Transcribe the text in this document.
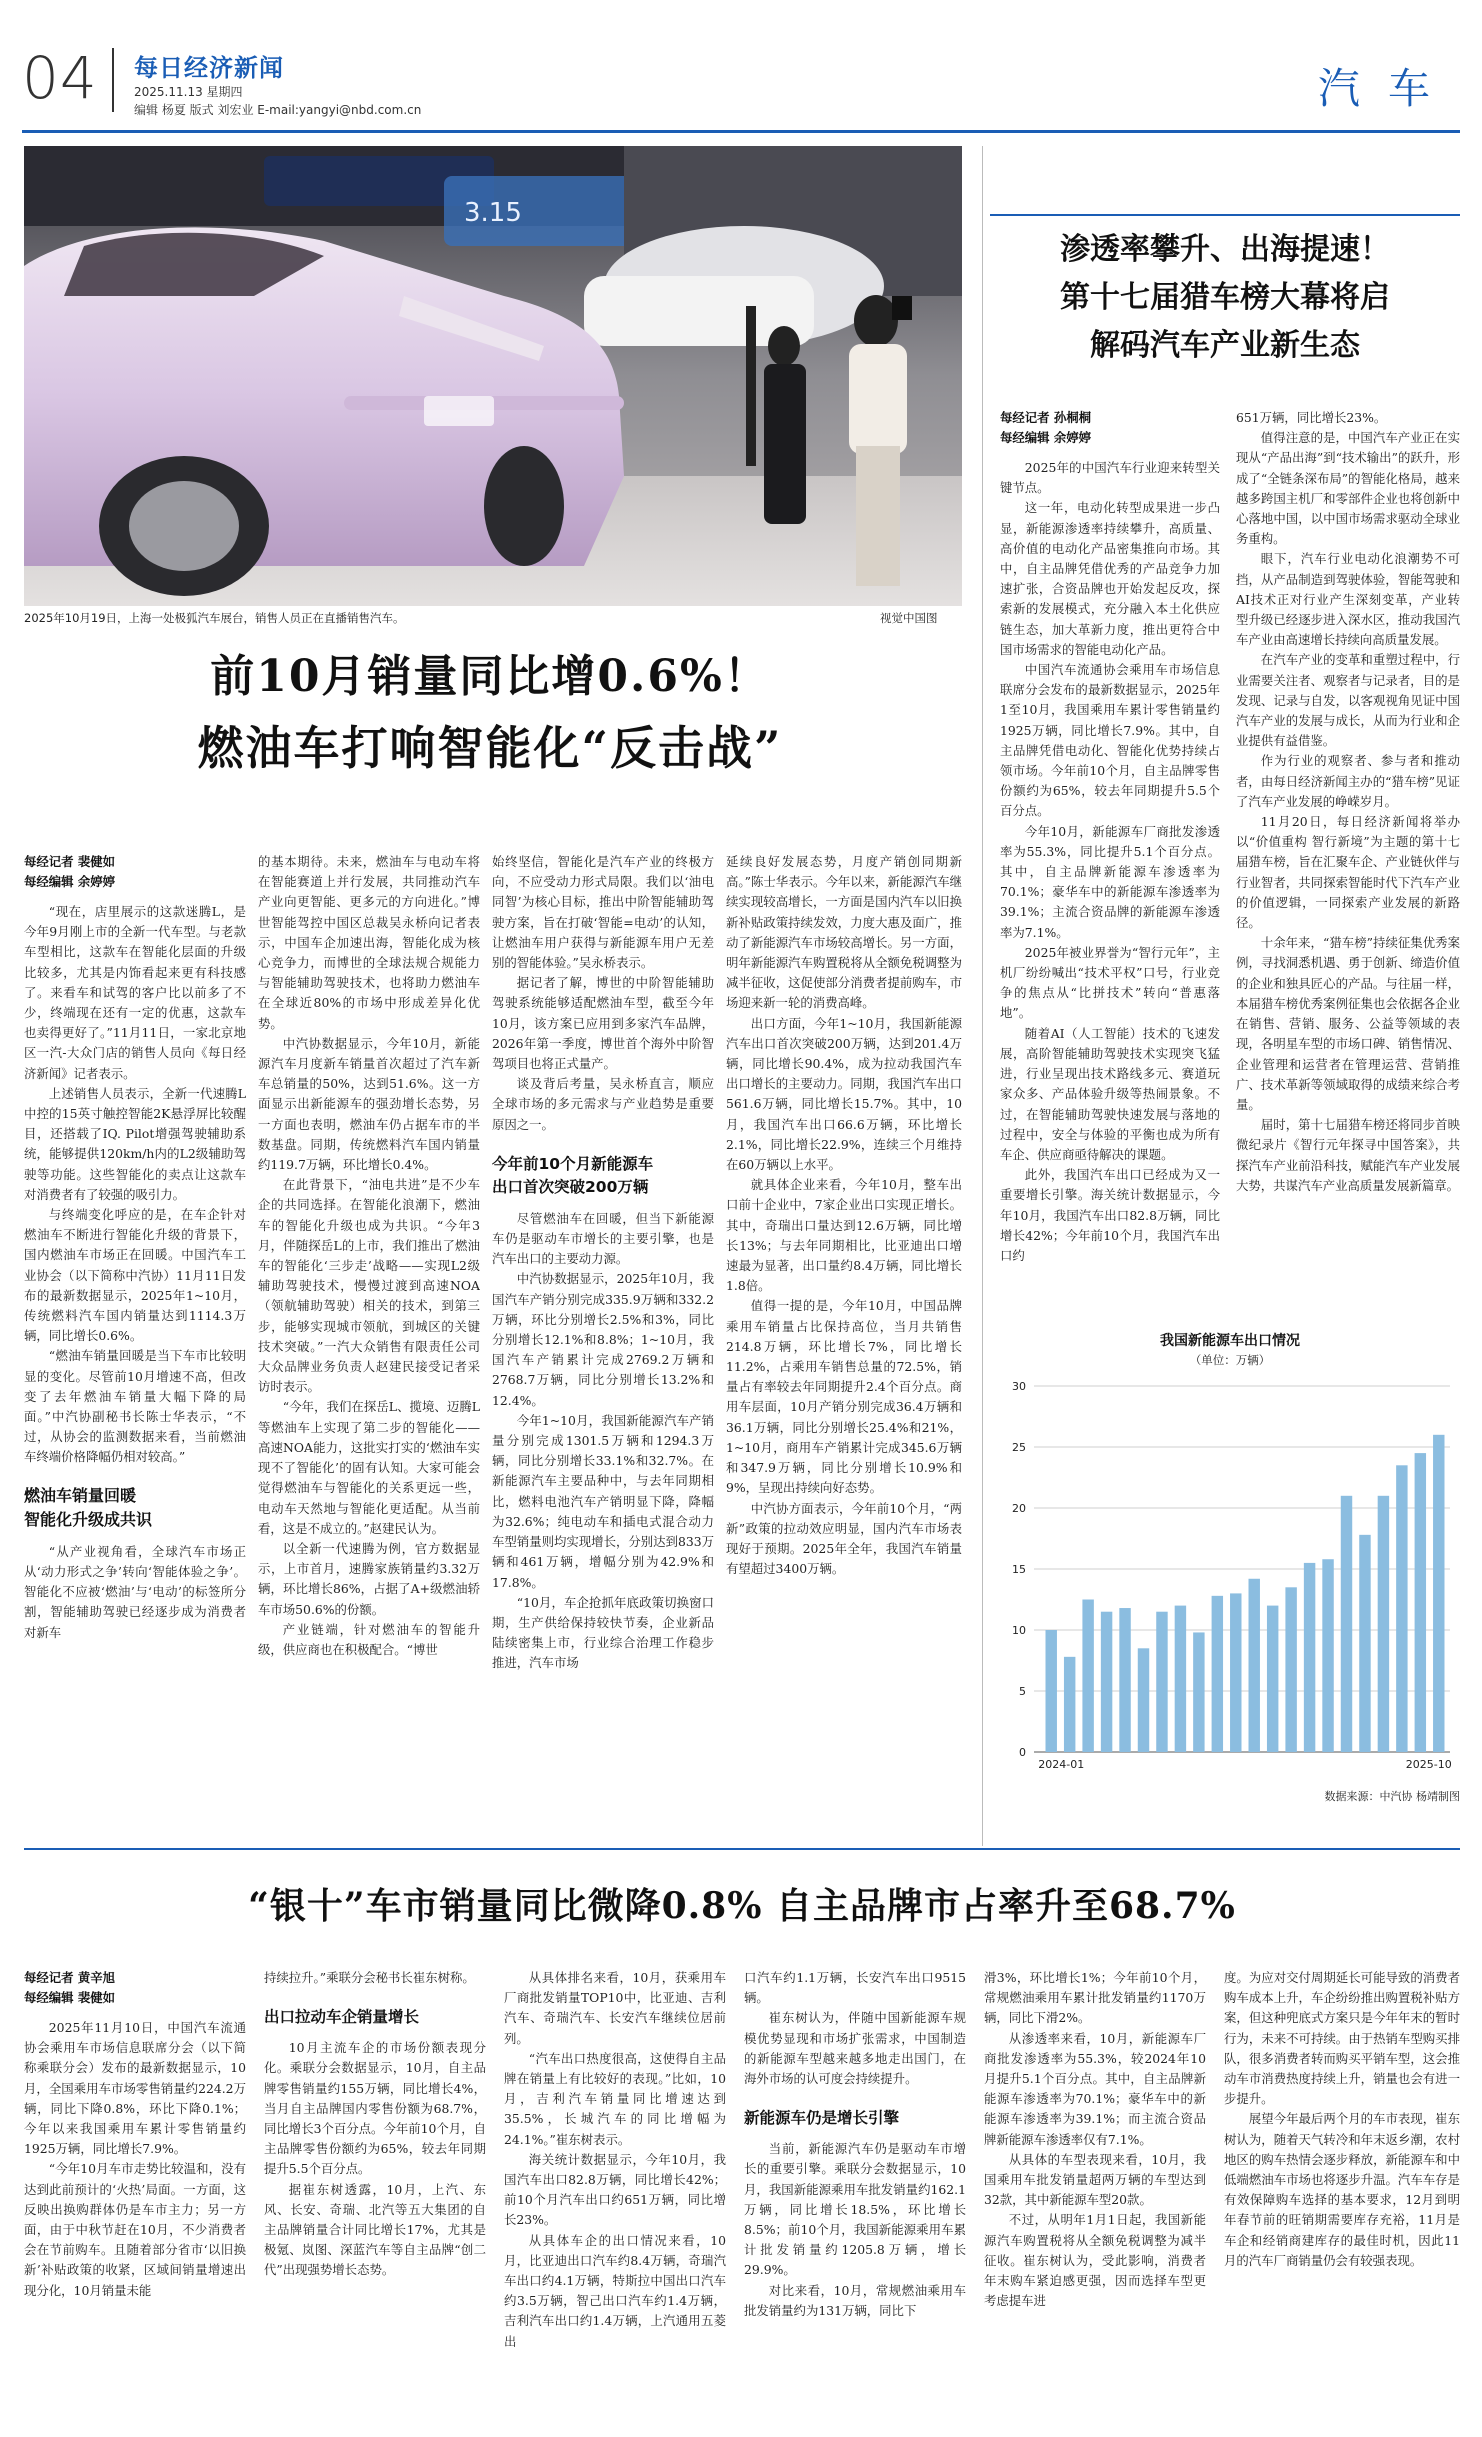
04 每日经济新闻
2025.11.13 星期四
编辑 杨夏 版式 刘宏业 E-mail:yangyi@nbd.com.cn	汽车
3.15
2025年10月19日，上海一处极狐汽车展台，销售人员正在直播销售汽车。	视觉中国图
前10月销量同比增0.6%！
燃油车打响智能化“反击战”
每经记者 裴健如
每经编辑 余婷婷

“现在，店里展示的这款迷腾L，是今年9月刚上市的全新一代车型。与老款车型相比，这款车在智能化层面的升级比较多，尤其是内饰看起来更有科技感了。来看车和试驾的客户比以前多了不少，终端现在还有一定的优惠，这款车也卖得更好了。”11月11日，一家北京地区一汽-大众门店的销售人员向《每日经济新闻》记者表示。

上述销售人员表示，全新一代速腾L中控的15英寸触控智能2K悬浮屏比较醒目，还搭载了IQ. Pilot增强驾驶辅助系统，能够提供120km/h内的L2级辅助驾驶等功能。这些智能化的卖点让这款车对消费者有了较强的吸引力。

与终端变化呼应的是，在车企针对燃油车不断进行智能化升级的背景下，国内燃油车市场正在回暖。中国汽车工业协会（以下简称中汽协）11月11日发布的最新数据显示，2025年1~10月，传统燃料汽车国内销量达到1114.3万辆，同比增长0.6%。

“燃油车销量回暖是当下车市比较明显的变化。尽管前10月增速不高，但改变了去年燃油车销量大幅下降的局面。”中汽协副秘书长陈士华表示，“不过，从协会的监测数据来看，当前燃油车终端价格降幅仍相对较高。”

燃油车销量回暖
智能化升级成共识

“从产业视角看，全球汽车市场正从‘动力形式之争’转向‘智能体验之争’。智能化不应被‘燃油’与‘电动’的标签所分割，智能辅助驾驶已经逐步成为消费者对新车

的基本期待。未来，燃油车与电动车将在智能赛道上并行发展，共同推动汽车产业向更智能、更多元的方向进化。”博世智能驾控中国区总裁吴永桥向记者表示，中国车企加速出海，智能化成为核心竞争力，而博世的全球法规合规能力与智能辅助驾驶技术，也将助力燃油车在全球近80%的市场中形成差异化优势。

中汽协数据显示，今年10月，新能源汽车月度新车销量首次超过了汽车新车总销量的50%，达到51.6%。这一方面显示出新能源车的强劲增长态势，另一方面也表明，燃油车仍占据车市的半数基盘。同期，传统燃料汽车国内销量约119.7万辆，环比增长0.4%。

在此背景下，“油电共进”是不少车企的共同选择。在智能化浪潮下，燃油车的智能化升级也成为共识。“今年3月，伴随探岳L的上市，我们推出了燃油车的智能化‘三步走’战略——实现L2级辅助驾驶技术，慢慢过渡到高速NOA（领航辅助驾驶）相关的技术，到第三步，能够实现城市领航，到城区的关键技术突破。”一汽大众销售有限责任公司大众品牌业务负责人赵建民接受记者采访时表示。

“今年，我们在探岳L、揽境、迈腾L等燃油车上实现了第二步的智能化——高速NOA能力，这批实打实的‘燃油车实现不了智能化’的固有认知。大家可能会觉得燃油车与智能化的关系更远一些，电动车天然地与智能化更适配。从当前看，这是不成立的。”赵建民认为。

以全新一代速腾为例，官方数据显示，上市首月，速腾家族销量约3.32万辆，环比增长86%，占据了A+级燃油轿车市场50.6%的份额。

产业链端，针对燃油车的智能升级，供应商也在积极配合。“博世

始终坚信，智能化是汽车产业的终极方向，不应受动力形式局限。我们以‘油电同智’为核心目标，推出中阶智能辅助驾驶方案，旨在打破‘智能=电动’的认知，让燃油车用户获得与新能源车用户无差别的智能体验。”吴永桥表示。

据记者了解，博世的中阶智能辅助驾驶系统能够适配燃油车型，截至今年10月，该方案已应用到多家汽车品牌，2026年第一季度，博世首个海外中阶智驾项目也将正式量产。

谈及背后考量，吴永桥直言，顺应全球市场的多元需求与产业趋势是重要原因之一。

今年前10个月新能源车
出口首次突破200万辆

尽管燃油车在回暖，但当下新能源车仍是驱动车市增长的主要引擎，也是汽车出口的主要动力源。

中汽协数据显示，2025年10月，我国汽车产销分别完成335.9万辆和332.2万辆，环比分别增长2.5%和3%，同比分别增长12.1%和8.8%；1~10月，我国汽车产销累计完成2769.2万辆和2768.7万辆，同比分别增长13.2%和12.4%。

今年1~10月，我国新能源汽车产销量分别完成1301.5万辆和1294.3万辆，同比分别增长33.1%和32.7%。在新能源汽车主要品种中，与去年同期相比，燃料电池汽车产销明显下降，降幅为32.6%；纯电动车和插电式混合动力车型销量则均实现增长，分别达到833万辆和461万辆，增幅分别为42.9%和17.8%。

“10月，车企抢抓年底政策切换窗口期，生产供给保持较快节奏，企业新品陆续密集上市，行业综合治理工作稳步推进，汽车市场

延续良好发展态势，月度产销创同期新高。”陈士华表示。今年以来，新能源汽车继续实现较高增长，一方面是国内汽车以旧换新补贴政策持续发效，力度大惠及面广，推动了新能源汽车市场较高增长。另一方面，明年新能源汽车购置税将从全额免税调整为减半征收，这促使部分消费者提前购车，市场迎来新一轮的消费高峰。

出口方面，今年1~10月，我国新能源汽车出口首次突破200万辆，达到201.4万辆，同比增长90.4%，成为拉动我国汽车出口增长的主要动力。同期，我国汽车出口561.6万辆，同比增长15.7%。其中，10月，我国汽车出口66.6万辆，环比增长2.1%，同比增长22.9%，连续三个月维持在60万辆以上水平。

就具体企业来看，今年10月，整车出口前十企业中，7家企业出口实现正增长。其中，奇瑞出口量达到12.6万辆，同比增长13%；与去年同期相比，比亚迪出口增速最为显著，出口量约8.4万辆，同比增长1.8倍。

值得一提的是，今年10月，中国品牌乘用车销量占比保持高位，当月共销售214.8万辆，环比增长7%，同比增长11.2%，占乘用车销售总量的72.5%，销量占有率较去年同期提升2.4个百分点。商用车层面，10月产销分别完成36.4万辆和36.1万辆，同比分别增长25.4%和21%，1~10月，商用车产销累计完成345.6万辆和347.9万辆，同比分别增长10.9%和9%，呈现出持续向好态势。

中汽协方面表示，今年前10个月，“两新”政策的拉动效应明显，国内汽车市场表现好于预期。2025年全年，我国汽车销量有望超过3400万辆。

渗透率攀升、出海提速！
第十七届猎车榜大幕将启
解码汽车产业新生态
每经记者 孙桐桐
每经编辑 余婷婷

2025年的中国汽车行业迎来转型关键节点。

这一年，电动化转型成果进一步凸显，新能源渗透率持续攀升，高质量、高价值的电动化产品密集推向市场。其中，自主品牌凭借优秀的产品竞争力加速扩张，合资品牌也开始发起反攻，探索新的发展模式，充分融入本土化供应链生态，加大革新力度，推出更符合中国市场需求的智能电动化产品。

中国汽车流通协会乘用车市场信息联席分会发布的最新数据显示，2025年1至10月，我国乘用车累计零售销量约1925万辆，同比增长7.9%。其中，自主品牌凭借电动化、智能化优势持续占领市场。今年前10个月，自主品牌零售份额约为65%，较去年同期提升5.5个百分点。

今年10月，新能源车厂商批发渗透率为55.3%，同比提升5.1个百分点。其中，自主品牌新能源车渗透率为70.1%；豪华车中的新能源车渗透率为39.1%；主流合资品牌的新能源车渗透率为7.1%。

2025年被业界誉为“智行元年”，主机厂纷纷喊出“技术平权”口号，行业竞争的焦点从“比拼技术”转向“普惠落地”。

随着AI（人工智能）技术的飞速发展，高阶智能辅助驾驶技术实现突飞猛进，行业呈现出技术路线多元、赛道玩家众多、产品体验升级等热闹景象。不过，在智能辅助驾驶快速发展与落地的过程中，安全与体验的平衡也成为所有车企、供应商亟待解决的课题。

此外，我国汽车出口已经成为又一重要增长引擎。海关统计数据显示，今年10月，我国汽车出口82.8万辆，同比增长42%；今年前10个月，我国汽车出口约

651万辆，同比增长23%。

值得注意的是，中国汽车产业正在实现从“产品出海”到“技术输出”的跃升，形成了“全链条深布局”的智能化格局，越来越多跨国主机厂和零部件企业也将创新中心落地中国，以中国市场需求驱动全球业务重构。

眼下，汽车行业电动化浪潮势不可挡，从产品制造到驾驶体验，智能驾驶和AI技术正对行业产生深刻变革，产业转型升级已经逐步进入深水区，推动我国汽车产业由高速增长持续向高质量发展。

在汽车产业的变革和重塑过程中，行业需要关注者、观察者与记录者，目的是发现、记录与自发，以客观视角见证中国汽车产业的发展与成长，从而为行业和企业提供有益借鉴。

作为行业的观察者、参与者和推动者，由每日经济新闻主办的“猎车榜”见证了汽车产业发展的峥嵘岁月。

11月20日，每日经济新闻将举办以“价值重构 智行新境”为主题的第十七届猎车榜，旨在汇聚车企、产业链伙伴与行业智者，共同探索智能时代下汽车产业的价值逻辑，一同探索产业发展的新路径。

十余年来，“猎车榜”持续征集优秀案例，寻找洞悉机遇、勇于创新、缔造价值的企业和独具匠心的产品。与往届一样，本届猎车榜优秀案例征集也会依据各企业在销售、营销、服务、公益等领域的表现，各明星车型的市场口碑、销售情况、企业管理和运营者在管理运营、营销推广、技术革新等领域取得的成绩来综合考量。

届时，第十七届猎车榜还将同步首映微纪录片《智行元年探寻中国答案》，共探汽车产业前沿科技，赋能汽车产业发展大势，共谋汽车产业高质量发展新篇章。

我国新能源车出口情况
（单位：万辆）
0
5
10
15
20
25
30
2024-01	2025-10
数据来源：中汽协 杨靖制图
“银十”车市销量同比微降0.8% 自主品牌市占率升至68.7%
每经记者 黄辛旭
每经编辑 裴健如

2025年11月10日，中国汽车流通协会乘用车市场信息联席分会（以下简称乘联分会）发布的最新数据显示，10月，全国乘用车市场零售销量约224.2万辆，同比下降0.8%，环比下降0.1%；今年以来我国乘用车累计零售销量约1925万辆，同比增长7.9%。

“今年10月车市走势比较温和，没有达到此前预计的‘火热’局面。一方面，这反映出换购群体仍是车市主力；另一方面，由于中秋节赶在10月，不少消费者会在节前购车。且随着部分省市‘以旧换新’补贴政策的收紧，区域间销量增速出现分化，10月销量未能

持续拉升。”乘联分会秘书长崔东树称。

出口拉动车企销量增长

10月主流车企的市场份额表现分化。乘联分会数据显示，10月，自主品牌零售销量约155万辆，同比增长4%，当月自主品牌国内零售份额为68.7%，同比增长3个百分点。今年前10个月，自主品牌零售份额约为65%，较去年同期提升5.5个百分点。

据崔东树透露，10月，上汽、东风、长安、奇瑞、北汽等五大集团的自主品牌销量合计同比增长17%，尤其是极氪、岚图、深蓝汽车等自主品牌“创二代”出现强势增长态势。

从具体排名来看，10月，获乘用车厂商批发销量TOP10中，比亚迪、吉利汽车、奇瑞汽车、长安汽车继续位居前列。

“汽车出口热度很高，这使得自主品牌在销量上有比较好的表现。”比如，10月，吉利汽车销量同比增速达到35.5%，长城汽车的同比增幅为24.1%。”崔东树表示。

海关统计数据显示，今年10月，我国汽车出口82.8万辆，同比增长42%；前10个月汽车出口约651万辆，同比增长23%。

从具体车企的出口情况来看，10月，比亚迪出口汽车约8.4万辆，奇瑞汽车出口约4.1万辆，特斯拉中国出口汽车约3.5万辆，智己出口汽车约1.4万辆，吉利汽车出口约1.4万辆，上汽通用五菱出

口汽车约1.1万辆，长安汽车出口9515辆。

崔东树认为，伴随中国新能源车规模优势显现和市场扩张需求，中国制造的新能源车型越来越多地走出国门，在海外市场的认可度会持续提升。

新能源车仍是增长引擎

当前，新能源汽车仍是驱动车市增长的重要引擎。乘联分会数据显示，10月，我国新能源乘用车批发销量约162.1万辆，同比增长18.5%，环比增长8.5%；前10个月，我国新能源乘用车累计批发销量约1205.8万辆，增长29.9%。

对比来看，10月，常规燃油乘用车批发销量约为131万辆，同比下

滑3%，环比增长1%；今年前10个月，常规燃油乘用车累计批发销量约1170万辆，同比下滑2%。

从渗透率来看，10月，新能源车厂商批发渗透率为55.3%，较2024年10月提升5.1个百分点。其中，自主品牌新能源车渗透率为70.1%；豪华车中的新能源车渗透率为39.1%；而主流合资品牌新能源车渗透率仅有7.1%。

从具体的车型表现来看，10月，我国乘用车批发销量超两万辆的车型达到32款，其中新能源车型20款。

不过，从明年1月1日起，我国新能源汽车购置税将从全额免税调整为减半征收。崔东树认为，受此影响，消费者年末购车紧迫感更强，因而选择车型更考虑提车进

度。为应对交付周期延长可能导致的消费者购车成本上升，车企纷纷推出购置税补贴方案，但这种兜底式方案只是今年年末的暂时行为，未来不可持续。由于热销车型购买排队，很多消费者转而购买平销车型，这会推动车市消费热度持续上升，销量也会有进一步提升。

展望今年最后两个月的车市表现，崔东树认为，随着天气转冷和年末返乡潮，农村地区的购车热情会逐步释放，新能源车和中低端燃油车市场也将逐步升温。汽车车存是有效保障购车选择的基本要求，12月到明年春节前的旺销期需要库存充裕，11月是车企和经销商建库存的最佳时机，因此11月的汽车厂商销量仍会有较强表现。
